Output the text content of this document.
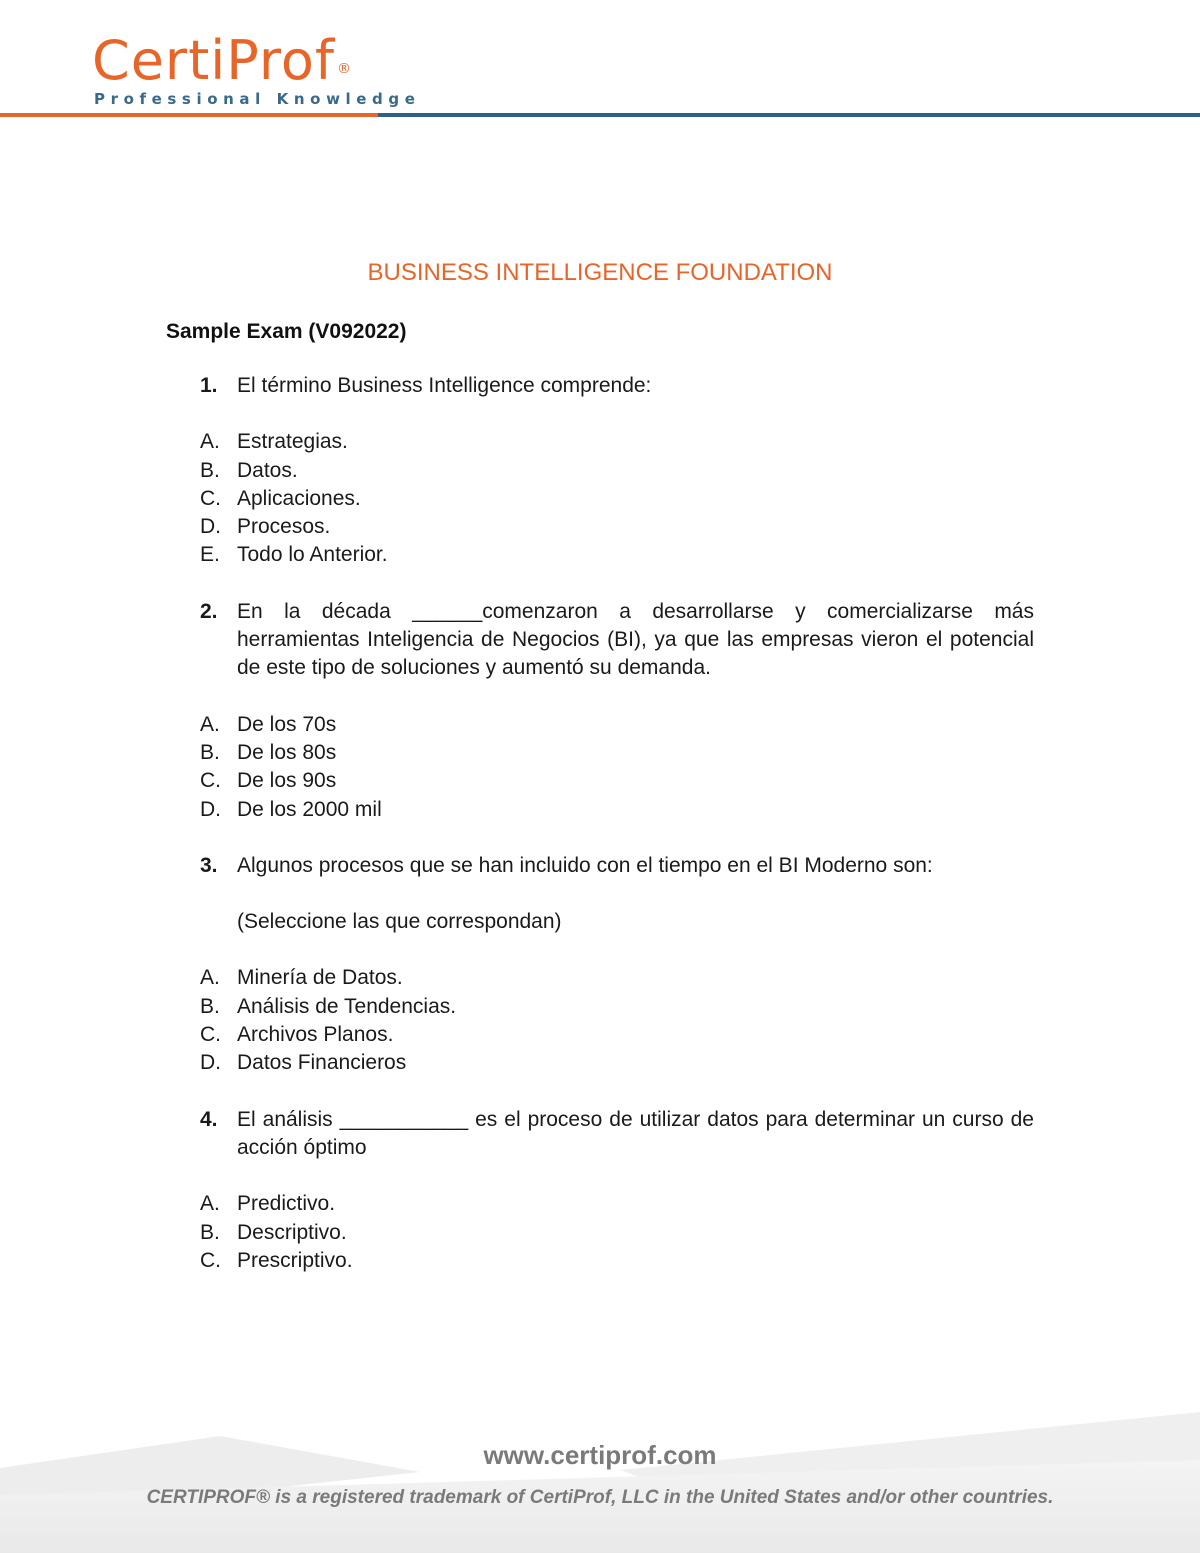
CertiProf ®
Professional Knowledge
BUSINESS INTELLIGENCE FOUNDATION
Sample Exam (V092022)
1. El término Business Intelligence comprende:
A. Estrategias.
B. Datos.
C. Aplicaciones.
D. Procesos.
E. Todo lo Anterior.
2. En la década ______comenzaron a desarrollarse y comercializarse más herramientas Inteligencia de Negocios (BI), ya que las empresas vieron el potencial de este tipo de soluciones y aumentó su demanda.
A. De los 70s
B. De los 80s
C. De los 90s
D. De los 2000 mil
3. Algunos procesos que se han incluido con el tiempo en el BI Moderno son:
(Seleccione las que correspondan)
A. Minería de Datos.
B. Análisis de Tendencias.
C. Archivos Planos.
D. Datos Financieros
4. El análisis ___________ es el proceso de utilizar datos para determinar un curso de acción óptimo
A. Predictivo.
B. Descriptivo.
C. Prescriptivo.
www.certiprof.com
CERTIPROF® is a registered trademark of CertiProf, LLC in the United States and/or other countries.
